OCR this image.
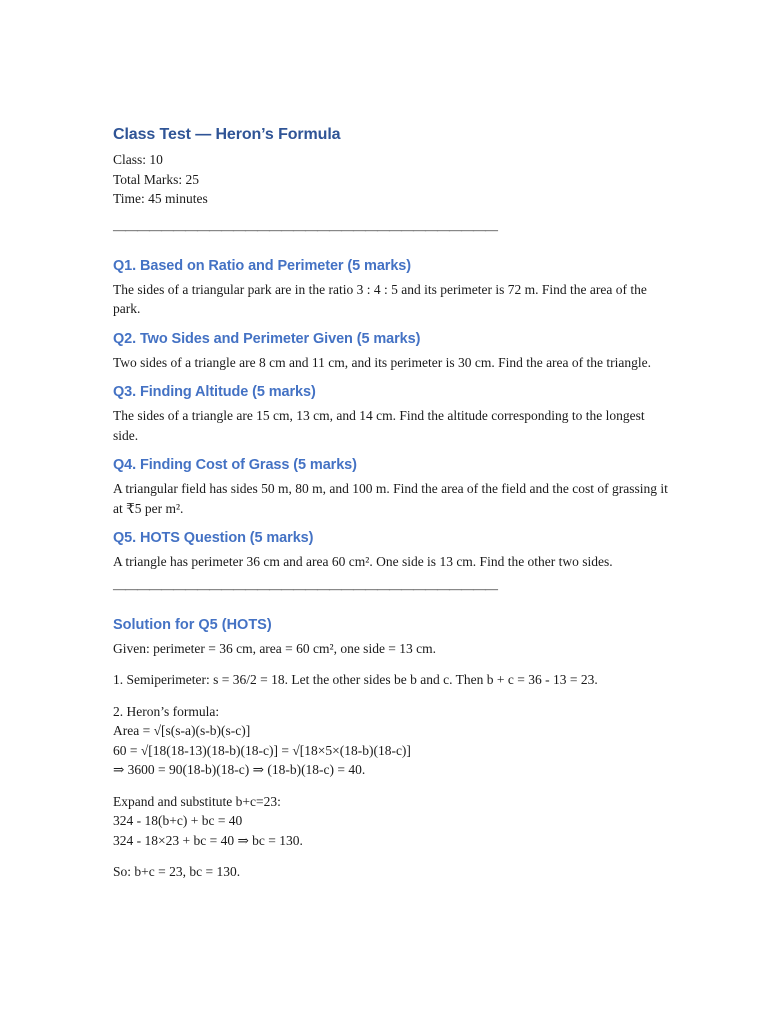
Class Test — Heron’s Formula

Class: 10

Total Marks: 25

Time: 45 minutes

————————————————————————————————

Q1. Based on Ratio and Perimeter (5 marks)

The sides of a triangular park are in the ratio 3 : 4 : 5 and its perimeter is 72 m. Find the area of the park.

Q2. Two Sides and Perimeter Given (5 marks)

Two sides of a triangle are 8 cm and 11 cm, and its perimeter is 30 cm. Find the area of the triangle.

Q3. Finding Altitude (5 marks)

The sides of a triangle are 15 cm, 13 cm, and 14 cm. Find the altitude corresponding to the longest side.

Q4. Finding Cost of Grass (5 marks)

A triangular field has sides 50 m, 80 m, and 100 m. Find the area of the field and the cost of grassing it at ₹5 per m².

Q5. HOTS Question (5 marks)

A triangle has perimeter 36 cm and area 60 cm². One side is 13 cm. Find the other two sides.

————————————————————————————————

Solution for Q5 (HOTS)

Given: perimeter = 36 cm, area = 60 cm², one side = 13 cm.

1. Semiperimeter: s = 36/2 = 18. Let the other sides be b and c. Then b + c = 36 - 13 = 23.

2. Heron’s formula:

Area = √[s(s-a)(s-b)(s-c)]

60 = √[18(18-13)(18-b)(18-c)] = √[18×5×(18-b)(18-c)]

⇒ 3600 = 90(18-b)(18-c) ⇒ (18-b)(18-c) = 40.

Expand and substitute b+c=23:

324 - 18(b+c) + bc = 40

324 - 18×23 + bc = 40 ⇒ bc = 130.

So: b+c = 23, bc = 130.
